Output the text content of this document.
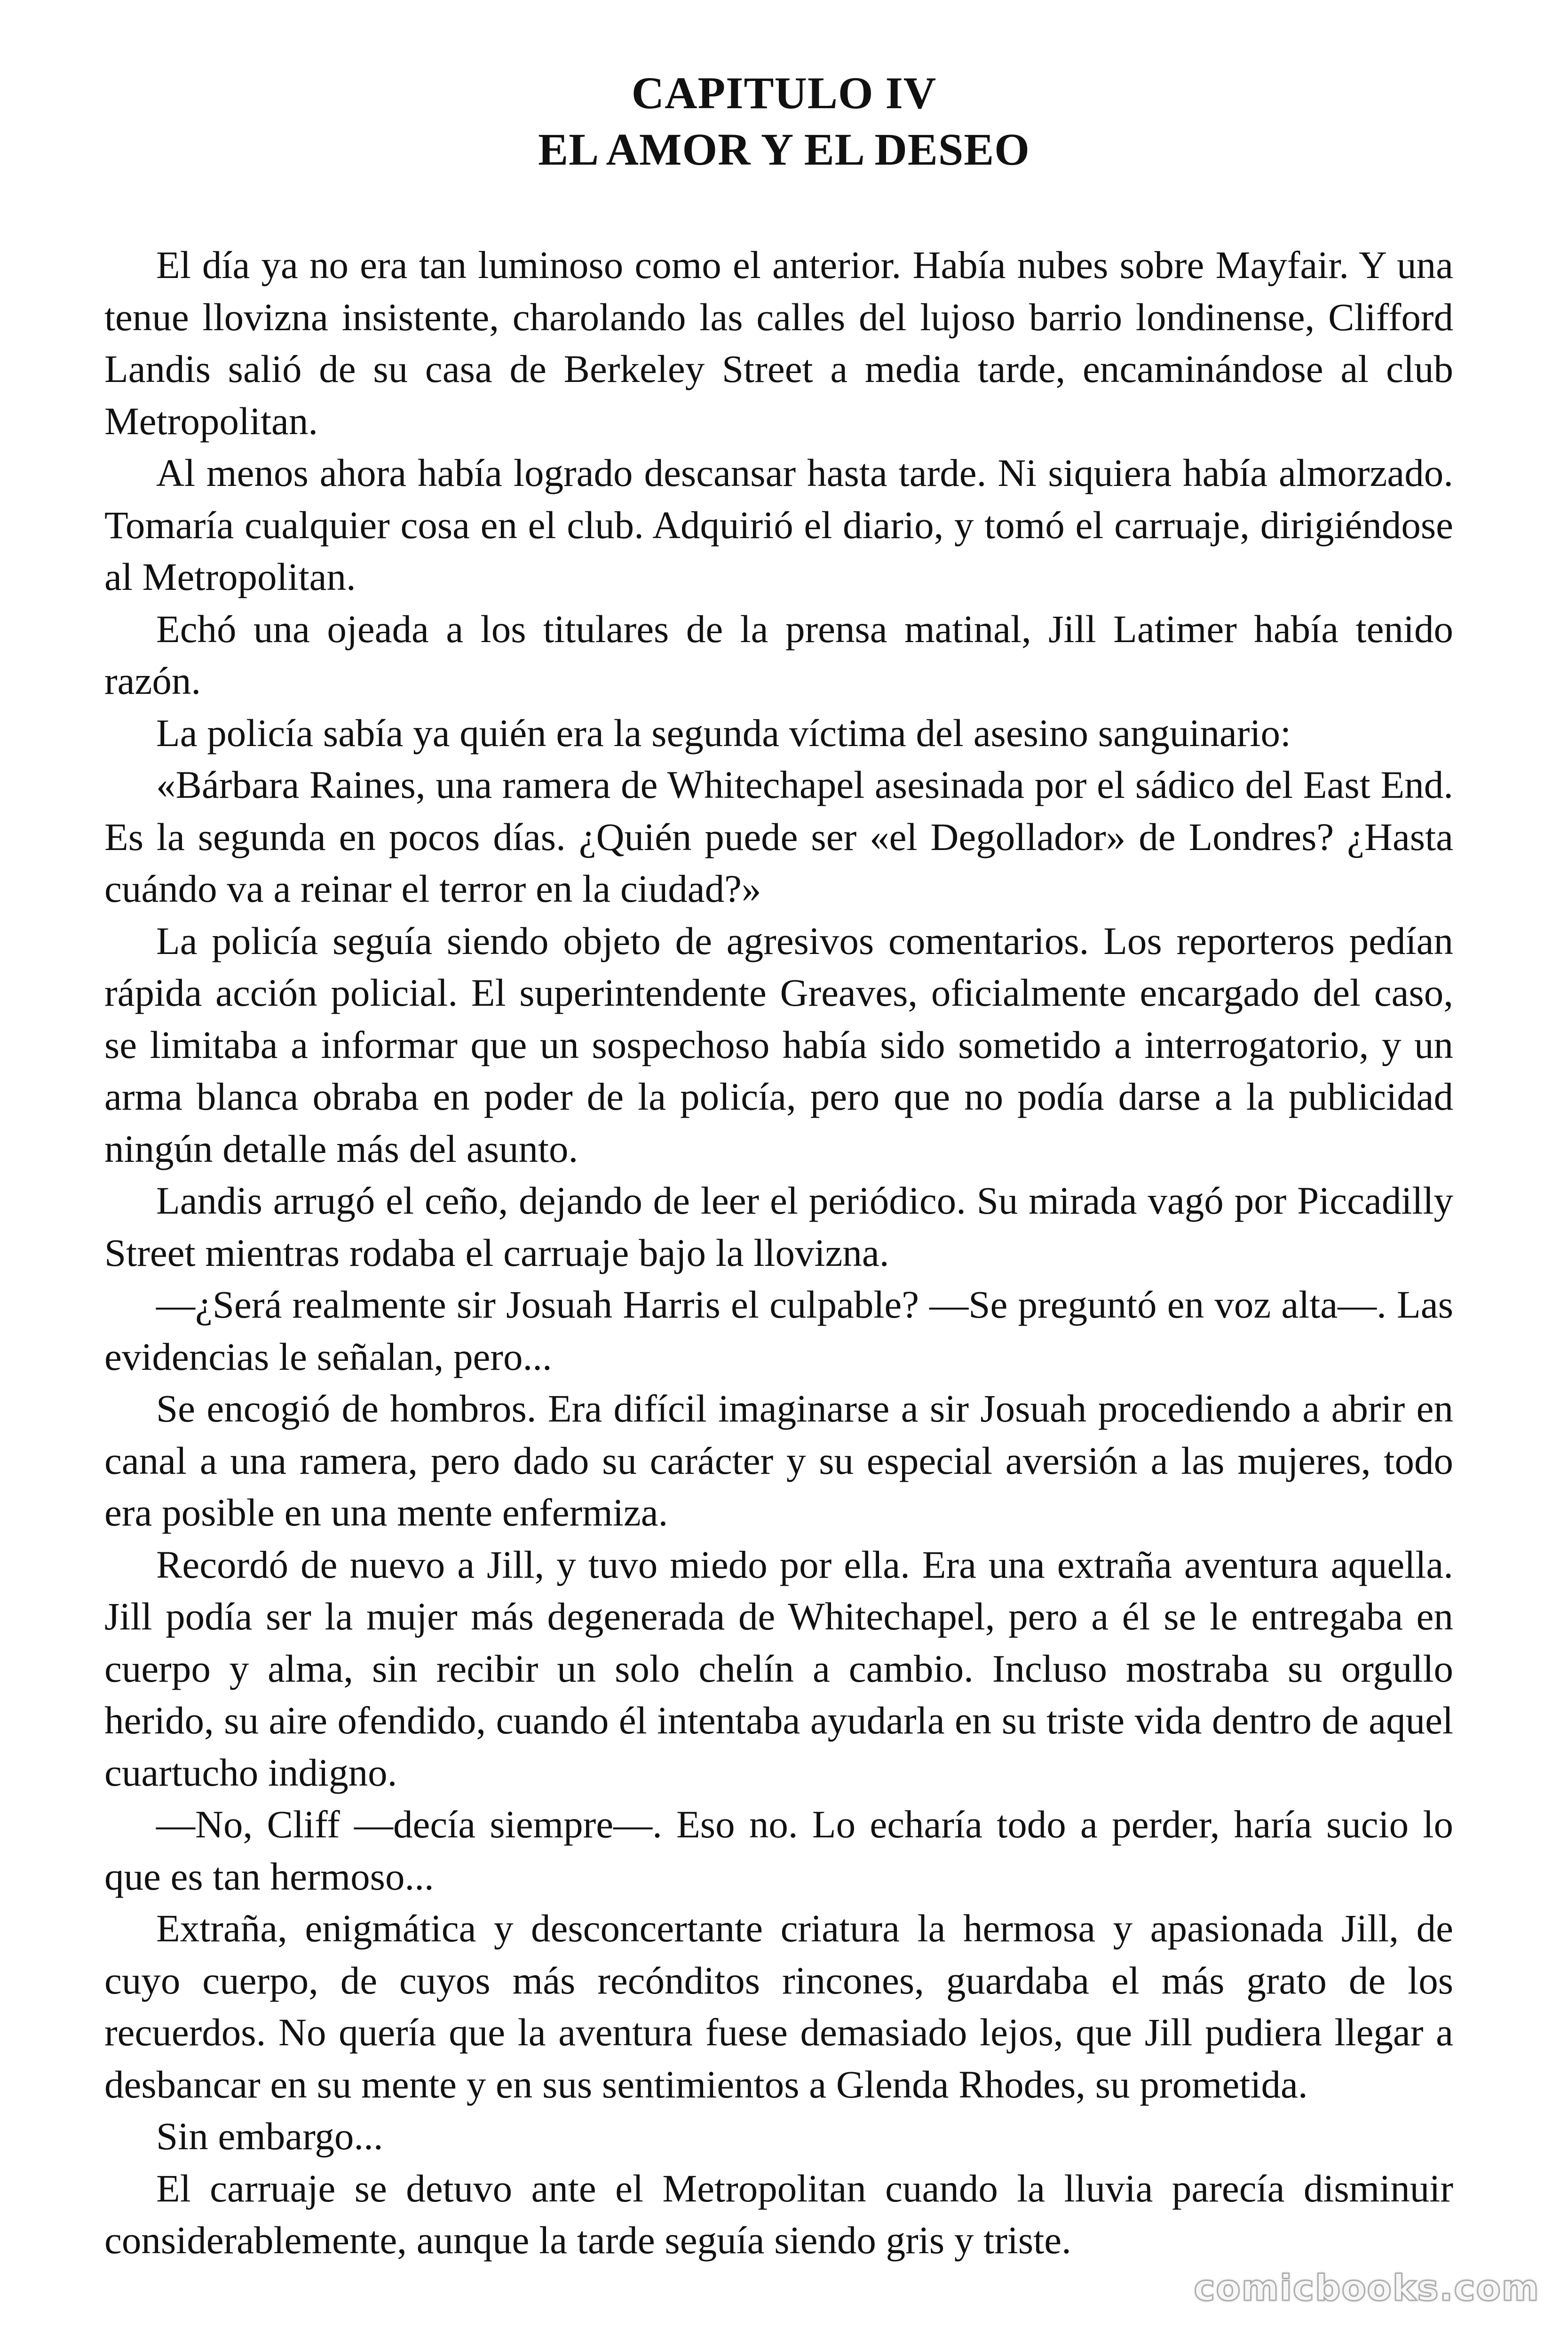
CAPITULO IV
EL AMOR Y EL DESEO

El día ya no era tan luminoso como el anterior. Había nubes sobre Mayfair. Y una tenue llovizna insistente, charolando las calles del lujoso barrio londinense, Clifford Landis salió de su casa de Berkeley Street a media tarde, encaminándose al club Metropolitan.

Al menos ahora había logrado descansar hasta tarde. Ni siquiera había almorzado. Tomaría cualquier cosa en el club. Adquirió el diario, y tomó el carruaje, dirigiéndose al Metropolitan.

Echó una ojeada a los titulares de la prensa matinal, Jill Latimer había tenido razón.

La policía sabía ya quién era la segunda víctima del asesino sanguinario:

«Bárbara Raines, una ramera de Whitechapel asesinada por el sádico del East End. Es la segunda en pocos días. ¿Quién puede ser «el Degollador» de Londres? ¿Hasta cuándo va a reinar el terror en la ciudad?»

La policía seguía siendo objeto de agresivos comentarios. Los reporteros pedían rápida acción policial. El superintendente Greaves, oficialmente encargado del caso, se limitaba a informar que un sospechoso había sido sometido a interrogatorio, y un arma blanca obraba en poder de la policía, pero que no podía darse a la publicidad ningún detalle más del asunto.

Landis arrugó el ceño, dejando de leer el periódico. Su mirada vagó por Piccadilly Street mientras rodaba el carruaje bajo la llovizna.

—¿Será realmente sir Josuah Harris el culpable? —Se preguntó en voz alta—. Las evidencias le señalan, pero...

Se encogió de hombros. Era difícil imaginarse a sir Josuah procediendo a abrir en canal a una ramera, pero dado su carácter y su especial aversión a las mujeres, todo era posible en una mente enfermiza.

Recordó de nuevo a Jill, y tuvo miedo por ella. Era una extraña aventura aquella. Jill podía ser la mujer más degenerada de Whitechapel, pero a él se le entregaba en cuerpo y alma, sin recibir un solo chelín a cambio. Incluso mostraba su orgullo herido, su aire ofendido, cuando él intentaba ayudarla en su triste vida dentro de aquel cuartucho indigno.

—No, Cliff —decía siempre—. Eso no. Lo echaría todo a perder, haría sucio lo que es tan hermoso...

Extraña, enigmática y desconcertante criatura la hermosa y apasionada Jill, de cuyo cuerpo, de cuyos más recónditos rincones, guardaba el más grato de los recuerdos. No quería que la aventura fuese demasiado lejos, que Jill pudiera llegar a desbancar en su mente y en sus sentimientos a Glenda Rhodes, su prometida.

Sin embargo...

El carruaje se detuvo ante el Metropolitan cuando la lluvia parecía disminuir considerablemente, aunque la tarde seguía siendo gris y triste.

comicbooks.com
